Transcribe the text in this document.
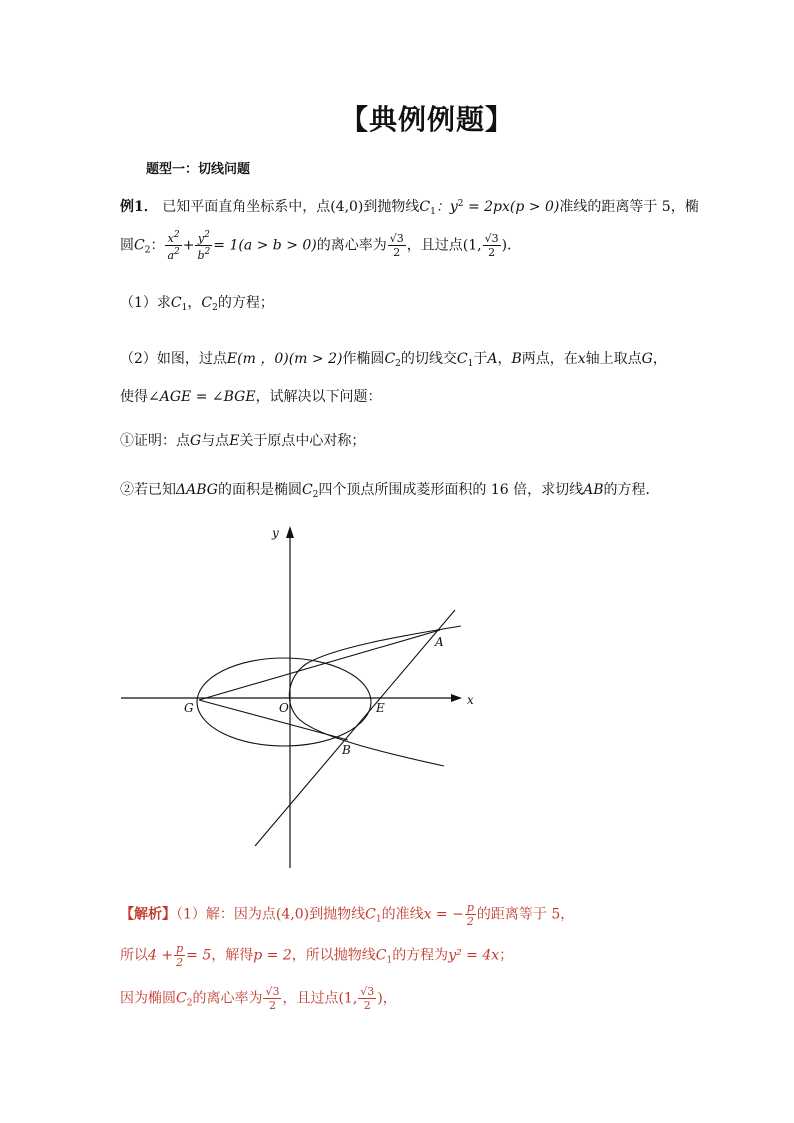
【典例例题】
题型一：切线问题
例1． 已知平面直角坐标系中，点(4,0)到抛物线$C_1$：$y^2 = 2px(p > 0)$准线的距离等于 5，椭
圆$C_2$： $\frac{x^2}{a^2} + \frac{y^2}{b^2} = 1(a > b > 0)$的离心率为 $\frac{√3}{2}$ ，且过点(1, $\frac{√3}{2}$ )．
（1）求$C_1$，$C_2$的方程；
（2）如图，过点E(m ，0)(m > 2)作椭圆$C_2$的切线交$C_1$于A，B两点，在x轴上取点G，
使得∠AGE = ∠BGE，试解决以下问题：
①证明：点G与点E关于原点中心对称；
②若已知ΔABG的面积是椭圆$C_2$四个顶点所围成菱形面积的 16 倍，求切线AB的方程．
y
x
O
G	E
A
B
【解析】（1）解：因为点(4,0)到抛物线$C_1$的准线x = − $\frac{p}{2}$ 的距离等于 5，
所以$4 + \frac{p}{2} = 5$，解得p = 2，所以抛物线$C_1$的方程为y² = 4x；
因为椭圆$C_2$的离心率为 $\frac{√3}{2}$ ，且过点(1, $\frac{√3}{2}$ )，
